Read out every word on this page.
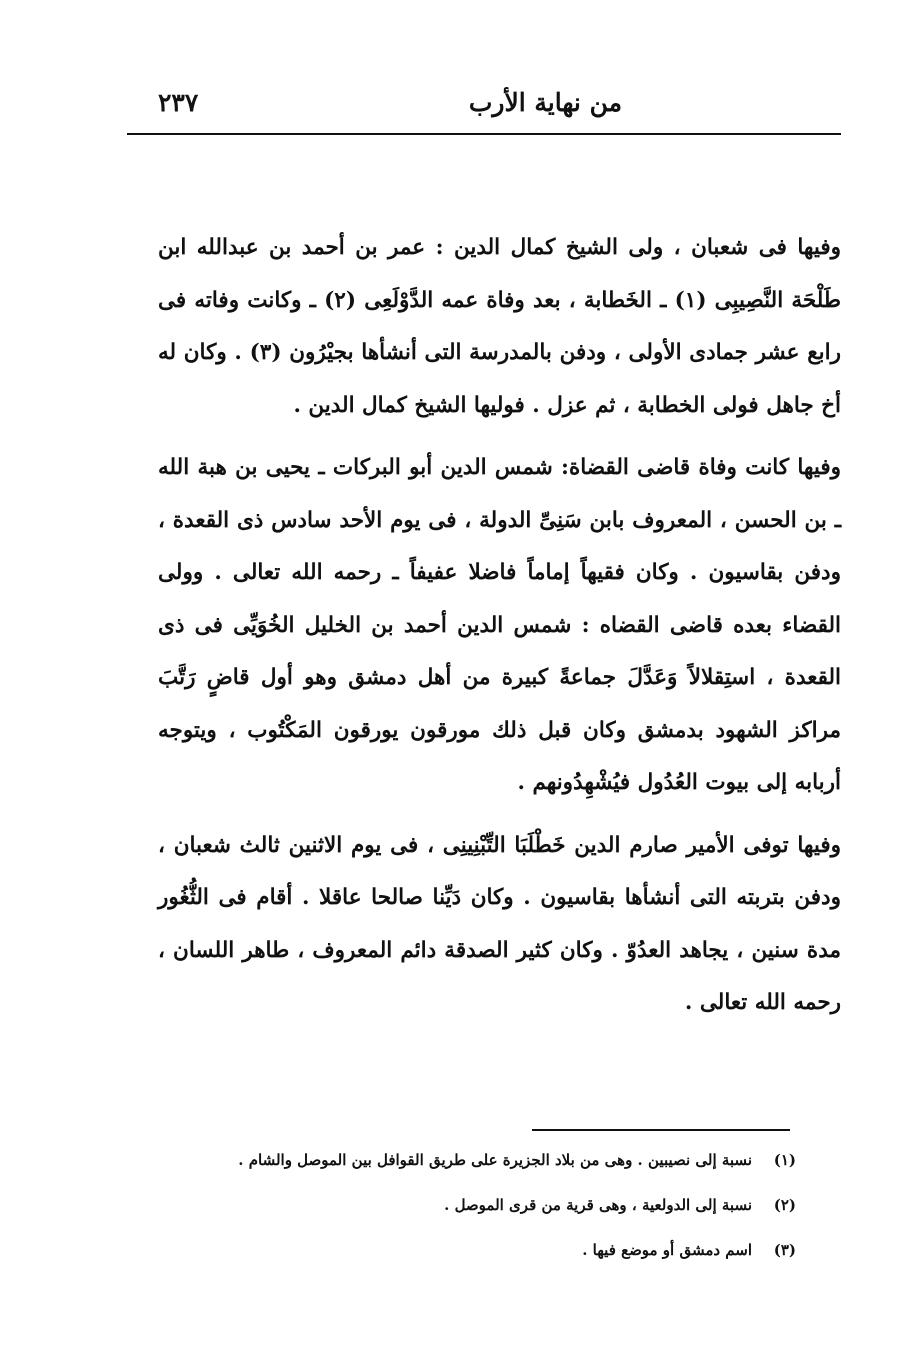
من نهاية الأرب
٢٣٧

وفيها فى شعبان ، ولى الشيخ كمال الدين : عمر بن أحمد بن عبدالله ابن طَلْحَة النَّصِيبِى (١) ـ الخَطابة ، بعد وفاة عمه الدَّوْلَعِى (٢) ـ وكانت وفاته فى رابع عشر جمادى الأولى ، ودفن بالمدرسة التى أنشأها بجيْرُون (٣) . وكان له أخ جاهل فولى الخطابة ، ثم عزل . فوليها الشيخ كمال الدين .

وفيها كانت وفاة قاضى القضاة: شمس الدين أبو البركات ـ يحيى بن هبة الله ـ بن الحسن ، المعروف بابن سَنِىِّ الدولة ، فى يوم الأحد سادس ذى القعدة ، ودفن بقاسيون . وكان فقيهاً إماماً فاضلا عفيفاً ـ رحمه الله تعالى . وولى القضاء بعده قاضى القضاه : شمس الدين أحمد بن الخليل الخُوَيِّى فى ذى القعدة ، استِقلالاً وَعَدَّلَ جماعةً كبيرة من أهل دمشق وهو أول قاضٍ رَتَّبَ مراكز الشهود بدمشق وكان قبل ذلك مورقون يورقون المَكْتُوب ، ويتوجه أربابه إلى بيوت العُدُول فيُشْهِدُونهم .

وفيها توفى الأمير صارم الدين خَطْلَبَا التِّبْنِينِى ، فى يوم الاثنين ثالث شعبان ، ودفن بتربته التى أنشأها بقاسيون . وكان دَيِّنا صالحا عاقلا . أقام فى الثُّغُور مدة سنين ، يجاهد العدُوّ . وكان كثير الصدقة دائم المعروف ، طاهر اللسان ، رحمه الله تعالى .

(١)نسبة إلى نصيبين . وهى من بلاد الجزيرة على طريق القوافل بين الموصل والشام .
(٢)نسبة إلى الدولعية ، وهى قرية من قرى الموصل .
(٣)اسم دمشق أو موضع فيها .
